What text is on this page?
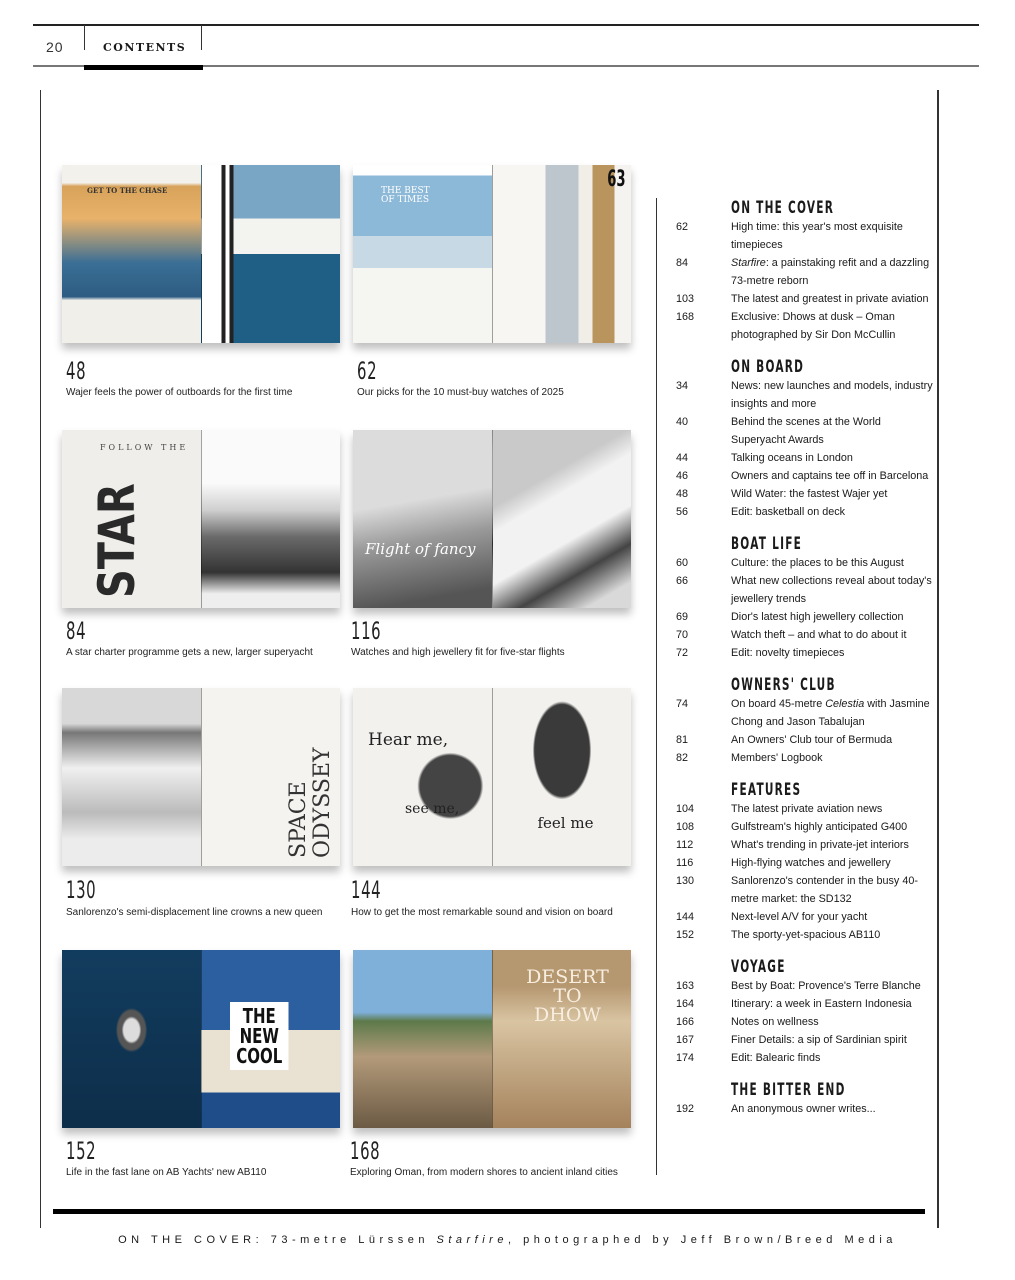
20	CONTENTS
GET TO THE CHASE	THE BEST OF TIMES
63
FOLLOW THE
STAR	Flight of fancy
SPACE ODYSSEY
Hear me,
see me,
feel me
THE NEW COOL
DESERT TO DHOW
48
Wajer feels the power of outboards for the first time
62
Our picks for the 10 must-buy watches of 2025
84
A star charter programme gets a new, larger superyacht
116
Watches and high jewellery fit for five-star flights
130
Sanlorenzo's semi-displacement line crowns a new queen
144
How to get the most remarkable sound and vision on board
152
Life in the fast lane on AB Yachts' new AB110
168
Exploring Oman, from modern shores to ancient inland cities
ON THE COVER
62	High time: this year's most exquisite timepieces
84	Starfire: a painstaking refit and a dazzling 73-metre reborn
103	The latest and greatest in private aviation
168	Exclusive: Dhows at dusk – Oman photographed by Sir Don McCullin
ON BOARD
34	News: new launches and models, industry insights and more
40	Behind the scenes at the World Superyacht Awards
44	Talking oceans in London
46	Owners and captains tee off in Barcelona
48	Wild Water: the fastest Wajer yet
56	Edit: basketball on deck
BOAT LIFE
60	Culture: the places to be this August
66	What new collections reveal about today's jewellery trends
69	Dior's latest high jewellery collection
70	Watch theft – and what to do about it
72	Edit: novelty timepieces
OWNERS' CLUB
74	On board 45-metre Celestia with Jasmine Chong and Jason Tabalujan
81	An Owners' Club tour of Bermuda
82	Members' Logbook
FEATURES
104	The latest private aviation news
108	Gulfstream's highly anticipated G400
112	What's trending in private-jet interiors
116	High-flying watches and jewellery
130	Sanlorenzo's contender in the busy 40-metre market: the SD132
144	Next-level A/V for your yacht
152	The sporty-yet-spacious AB110
VOYAGE
163	Best by Boat: Provence's Terre Blanche
164	Itinerary: a week in Eastern Indonesia
166	Notes on wellness
167	Finer Details: a sip of Sardinian spirit
174	Edit: Balearic finds
THE BITTER END
192	An anonymous owner writes...
ON THE COVER: 73-metre Lürssen Starfire, photographed by Jeff Brown/Breed Media
